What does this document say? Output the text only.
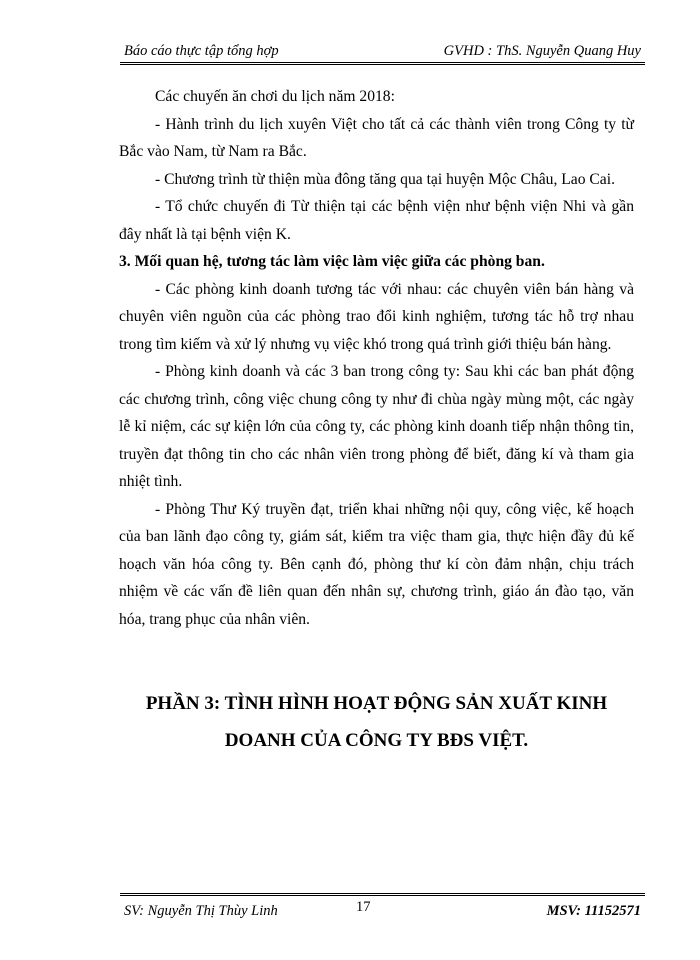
Báo cáo thực tập tổng hợp	GVHD : ThS. Nguyễn Quang Huy

Các chuyến ăn chơi du lịch năm 2018:

- Hành trình du lịch xuyên Việt cho tất cả các thành viên trong Công ty từ Bắc vào Nam, từ Nam ra Bắc.

- Chương trình từ thiện mùa đông tăng qua tại huyện Mộc Châu, Lao Cai.

- Tổ chức chuyến đi Từ thiện tại các bệnh viện như bệnh viện Nhi và gần đây nhất là tại bệnh viện K.

3. Mối quan hệ, tương tác làm việc làm việc giữa các phòng ban.

- Các phòng kinh doanh tương tác với nhau: các chuyên viên bán hàng và chuyên viên nguồn của các phòng trao đổi kinh nghiệm, tương tác hỗ trợ nhau trong tìm kiếm và xử lý nhưng vụ việc khó trong quá trình giới thiệu bán hàng.

- Phòng kinh doanh và các 3 ban trong công ty: Sau khi các ban phát động các chương trình, công việc chung công ty như đi chùa ngày mùng một, các ngày lễ kỉ niệm, các sự kiện lớn của công ty, các phòng kinh doanh tiếp nhận thông tin, truyền đạt thông tin cho các nhân viên trong phòng để biết, đăng kí và tham gia nhiệt tình.

- Phòng Thư Ký truyền đạt, triển khai những nội quy, công việc, kế hoạch của ban lãnh đạo công ty, giám sát, kiểm tra việc tham gia, thực hiện đầy đủ kế hoạch văn hóa công ty. Bên cạnh đó, phòng thư kí còn đảm nhận, chịu trách nhiệm về các vấn đề liên quan đến nhân sự, chương trình, giáo án đào tạo, văn hóa, trang phục của nhân viên.

PHẦN 3: TÌNH HÌNH HOẠT ĐỘNG SẢN XUẤT KINH
DOANH CỦA CÔNG TY BĐS VIỆT.
SV: Nguyễn Thị Thùy Linh	17	MSV: 11152571
